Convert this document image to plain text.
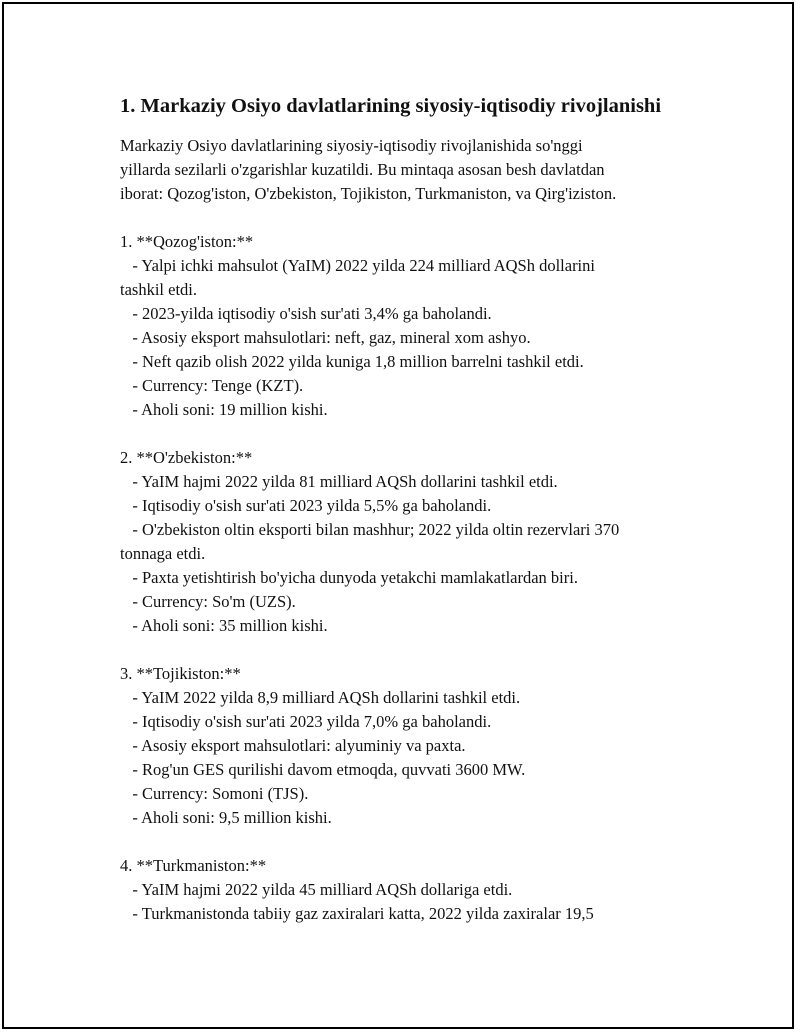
1. Markaziy Osiyo davlatlarining siyosiy-iqtisodiy rivojlanishi
Markaziy Osiyo davlatlarining siyosiy-iqtisodiy rivojlanishida so'nggi
yillarda sezilarli o'zgarishlar kuzatildi. Bu mintaqa asosan besh davlatdan
iborat: Qozog'iston, O'zbekiston, Tojikiston, Turkmaniston, va Qirg'iziston.
1. **Qozog'iston:**
- Yalpi ichki mahsulot (YaIM) 2022 yilda 224 milliard AQSh dollarini
tashkil etdi.
- 2023-yilda iqtisodiy o'sish sur'ati 3,4% ga baholandi.
- Asosiy eksport mahsulotlari: neft, gaz, mineral xom ashyo.
- Neft qazib olish 2022 yilda kuniga 1,8 million barrelni tashkil etdi.
- Currency: Tenge (KZT).
- Aholi soni: 19 million kishi.
2. **O'zbekiston:**
- YaIM hajmi 2022 yilda 81 milliard AQSh dollarini tashkil etdi.
- Iqtisodiy o'sish sur'ati 2023 yilda 5,5% ga baholandi.
- O'zbekiston oltin eksporti bilan mashhur; 2022 yilda oltin rezervlari 370
tonnaga etdi.
- Paxta yetishtirish bo'yicha dunyoda yetakchi mamlakatlardan biri.
- Currency: So'm (UZS).
- Aholi soni: 35 million kishi.
3. **Tojikiston:**
- YaIM 2022 yilda 8,9 milliard AQSh dollarini tashkil etdi.
- Iqtisodiy o'sish sur'ati 2023 yilda 7,0% ga baholandi.
- Asosiy eksport mahsulotlari: alyuminiy va paxta.
- Rog'un GES qurilishi davom etmoqda, quvvati 3600 MW.
- Currency: Somoni (TJS).
- Aholi soni: 9,5 million kishi.
4. **Turkmaniston:**
- YaIM hajmi 2022 yilda 45 milliard AQSh dollariga etdi.
- Turkmanistonda tabiiy gaz zaxiralari katta, 2022 yilda zaxiralar 19,5
